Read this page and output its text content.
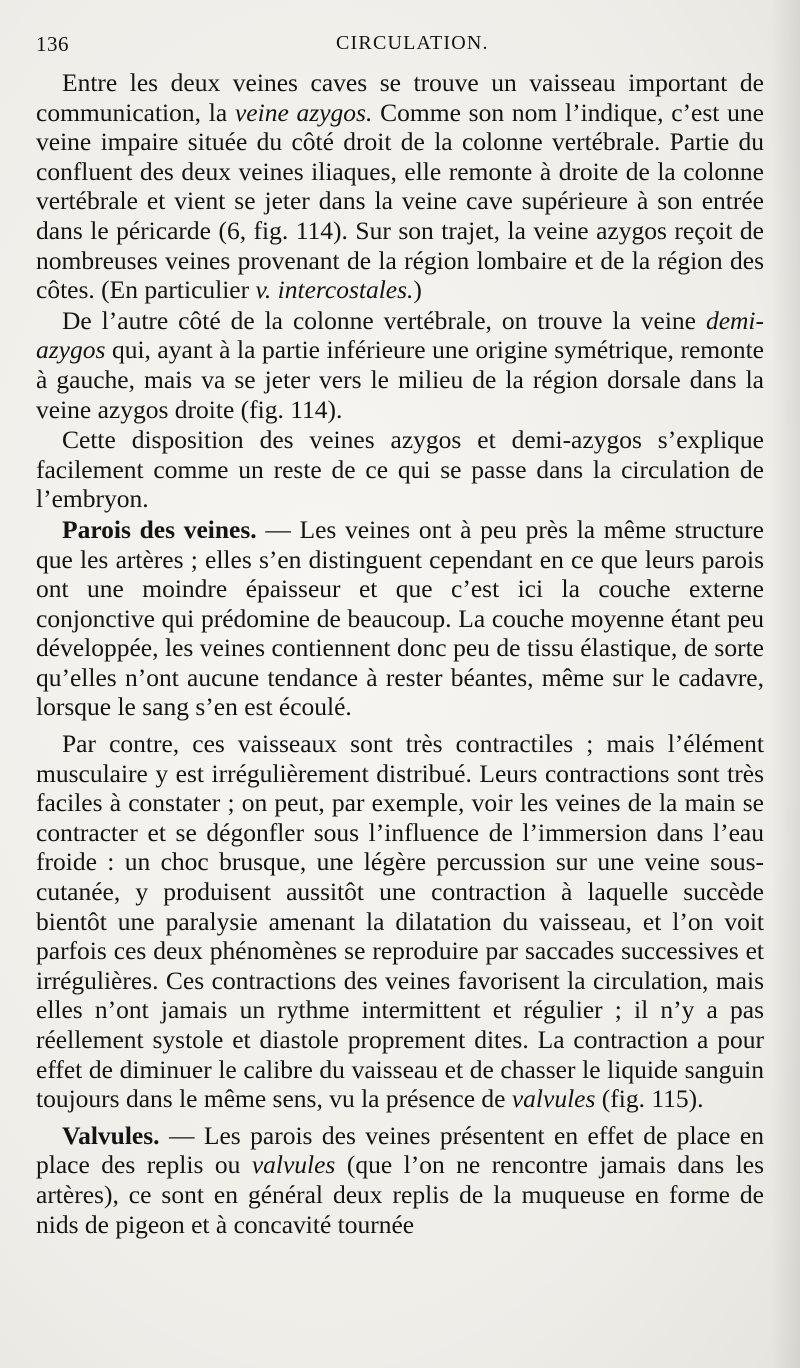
136	CIRCULATION.

Entre les deux veines caves se trouve un vaisseau important de communication, la veine azygos. Comme son nom l’indique, c’est une veine impaire située du côté droit de la colonne vertébrale. Partie du confluent des deux veines iliaques, elle remonte à droite de la colonne vertébrale et vient se jeter dans la veine cave supérieure à son entrée dans le péricarde (6, fig. 114). Sur son trajet, la veine azygos reçoit de nombreuses veines provenant de la région lombaire et de la région des côtes. (En particulier v. intercostales.)

De l’autre côté de la colonne vertébrale, on trouve la veine demi-azygos qui, ayant à la partie inférieure une origine symétrique, remonte à gauche, mais va se jeter vers le milieu de la région dorsale dans la veine azygos droite (fig. 114).

Cette disposition des veines azygos et demi-azygos s’explique facilement comme un reste de ce qui se passe dans la circulation de l’embryon.

Parois des veines. — Les veines ont à peu près la même structure que les artères ; elles s’en distinguent cependant en ce que leurs parois ont une moindre épaisseur et que c’est ici la couche externe conjonctive qui prédomine de beaucoup. La couche moyenne étant peu développée, les veines contiennent donc peu de tissu élastique, de sorte qu’elles n’ont aucune tendance à rester béantes, même sur le cadavre, lorsque le sang s’en est écoulé.

Par contre, ces vaisseaux sont très contractiles ; mais l’élément musculaire y est irrégulièrement distribué. Leurs contractions sont très faciles à constater ; on peut, par exemple, voir les veines de la main se contracter et se dégonfler sous l’influence de l’immersion dans l’eau froide : un choc brusque, une légère percussion sur une veine sous-cutanée, y produisent aussitôt une contraction à laquelle succède bientôt une paralysie amenant la dilatation du vaisseau, et l’on voit parfois ces deux phénomènes se reproduire par saccades successives et irrégulières. Ces contractions des veines favorisent la circulation, mais elles n’ont jamais un rythme intermittent et régulier ; il n’y a pas réellement systole et diastole proprement dites. La contraction a pour effet de diminuer le calibre du vaisseau et de chasser le liquide sanguin toujours dans le même sens, vu la présence de valvules (fig. 115).

Valvules. — Les parois des veines présentent en effet de place en place des replis ou valvules (que l’on ne rencontre jamais dans les artères), ce sont en général deux replis de la muqueuse en forme de nids de pigeon et à concavité tournée
